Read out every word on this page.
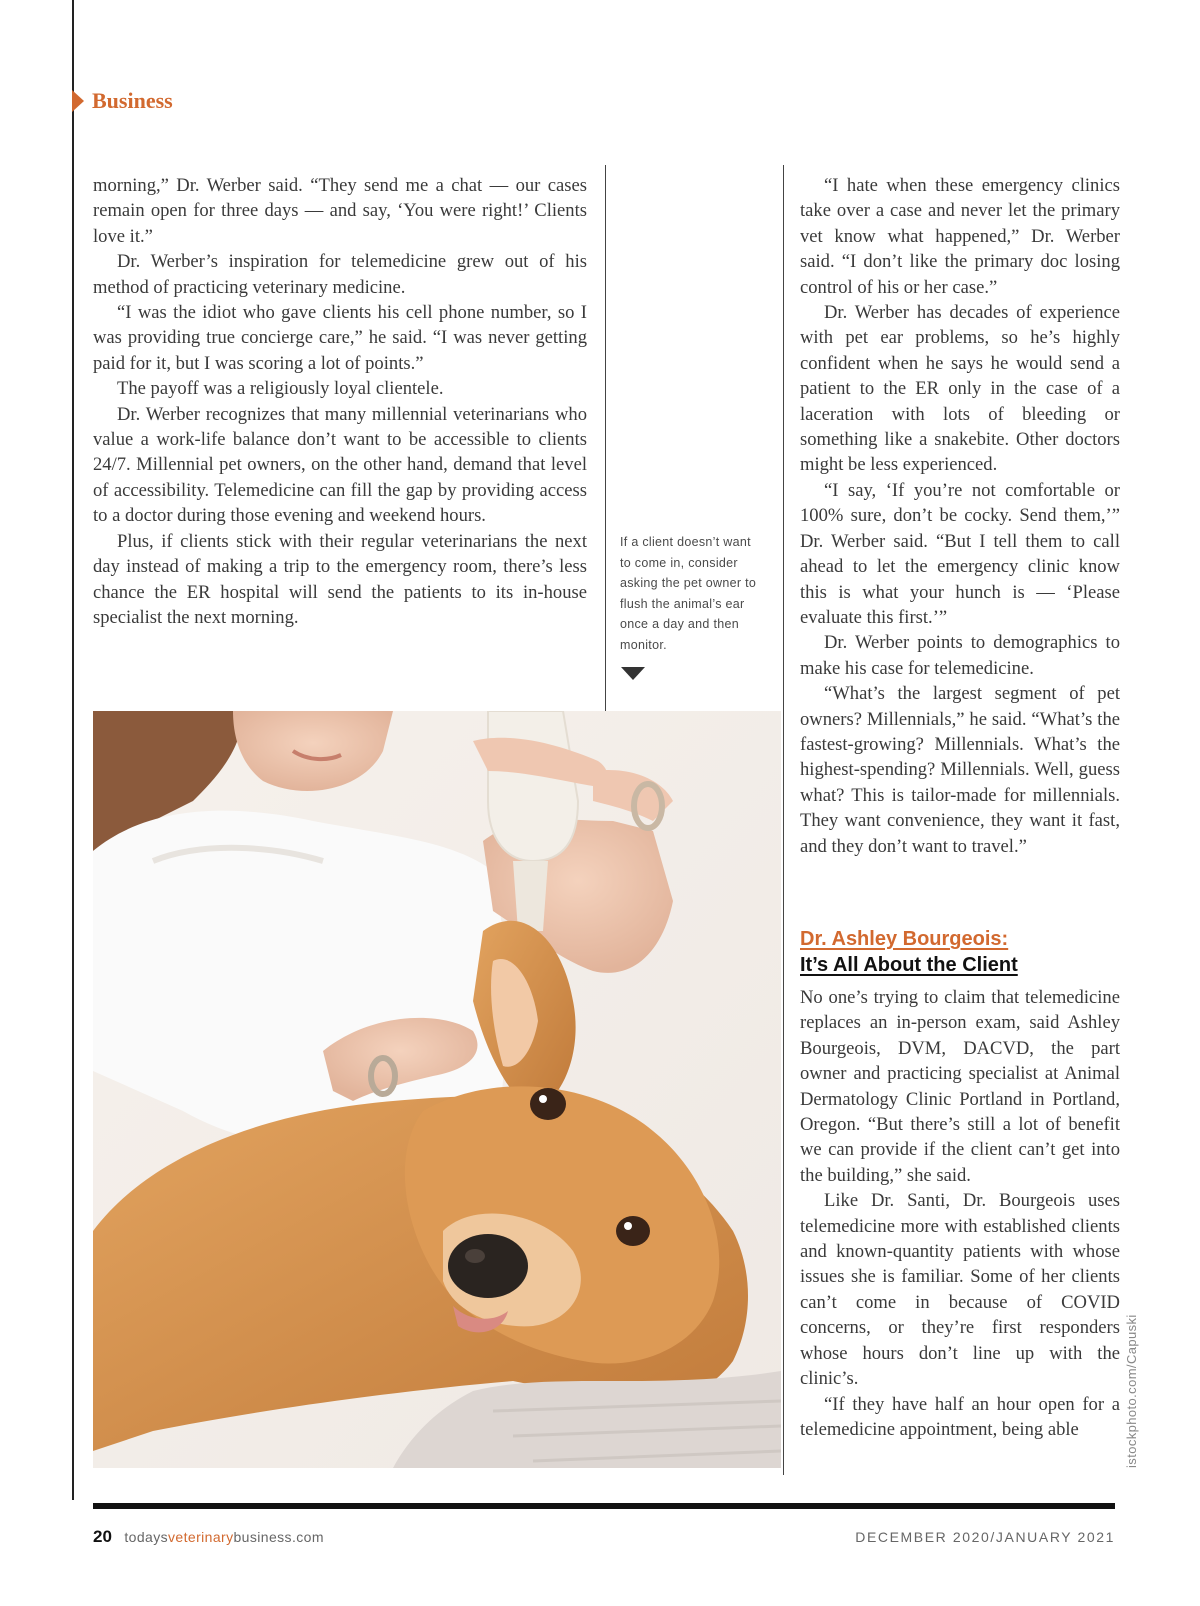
Business

morning,” Dr. Werber said. “They send me a chat — our cases remain open for three days — and say, ‘You were right!’ Clients love it.”

Dr. Werber’s inspiration for telemedicine grew out of his method of practicing veterinary medicine.

“I was the idiot who gave clients his cell phone number, so I was providing true concierge care,” he said. “I was never getting paid for it, but I was scoring a lot of points.”

The payoff was a religiously loyal clientele.

Dr. Werber recognizes that many millennial veterinarians who value a work-life balance don’t want to be accessible to clients 24/7. Millennial pet owners, on the other hand, demand that level of accessibility. Telemedicine can fill the gap by providing access to a doctor during those evening and weekend hours.

Plus, if clients stick with their regular veterinarians the next day instead of making a trip to the emergency room, there’s less chance the ER hospital will send the patients to its in-house specialist the next morning.

If a client doesn’t want to come in, consider asking the pet owner to flush the animal’s ear once a day and then monitor.

“I hate when these emergency clinics take over a case and never let the primary vet know what happened,” Dr. Werber said. “I don’t like the primary doc losing control of his or her case.”

Dr. Werber has decades of experience with pet ear problems, so he’s highly confident when he says he would send a patient to the ER only in the case of a laceration with lots of bleeding or something like a snakebite. Other doctors might be less experienced.

“I say, ‘If you’re not comfortable or 100% sure, don’t be cocky. Send them,’” Dr. Werber said. “But I tell them to call ahead to let the emergency clinic know this is what your hunch is — ‘Please evaluate this first.’”

Dr. Werber points to demographics to make his case for telemedicine.

“What’s the largest segment of pet owners? Millennials,” he said. “What’s the fastest-growing? Millennials. What’s the highest-spending? Millennials. Well, guess what? This is tailor-made for millennials. They want convenience, they want it fast, and they don’t want to travel.”

Dr. Ashley Bourgeois:
It’s All About the Client

No one’s trying to claim that telemedicine replaces an in-person exam, said Ashley Bourgeois, DVM, DACVD, the part owner and practicing specialist at Animal Dermatology Clinic Portland in Portland, Oregon. “But there’s still a lot of benefit we can provide if the client can’t get into the building,” she said.

Like Dr. Santi, Dr. Bourgeois uses telemedicine more with established clients and known-quantity patients with whose issues she is familiar. Some of her clients can’t come in because of COVID concerns, or they’re first responders whose hours don’t line up with the clinic’s.

“If they have half an hour open for a telemedicine appointment, being able	istockphoto.com/Capuski
20 todaysveterinarybusiness.com	DECEMBER 2020/JANUARY 2021
